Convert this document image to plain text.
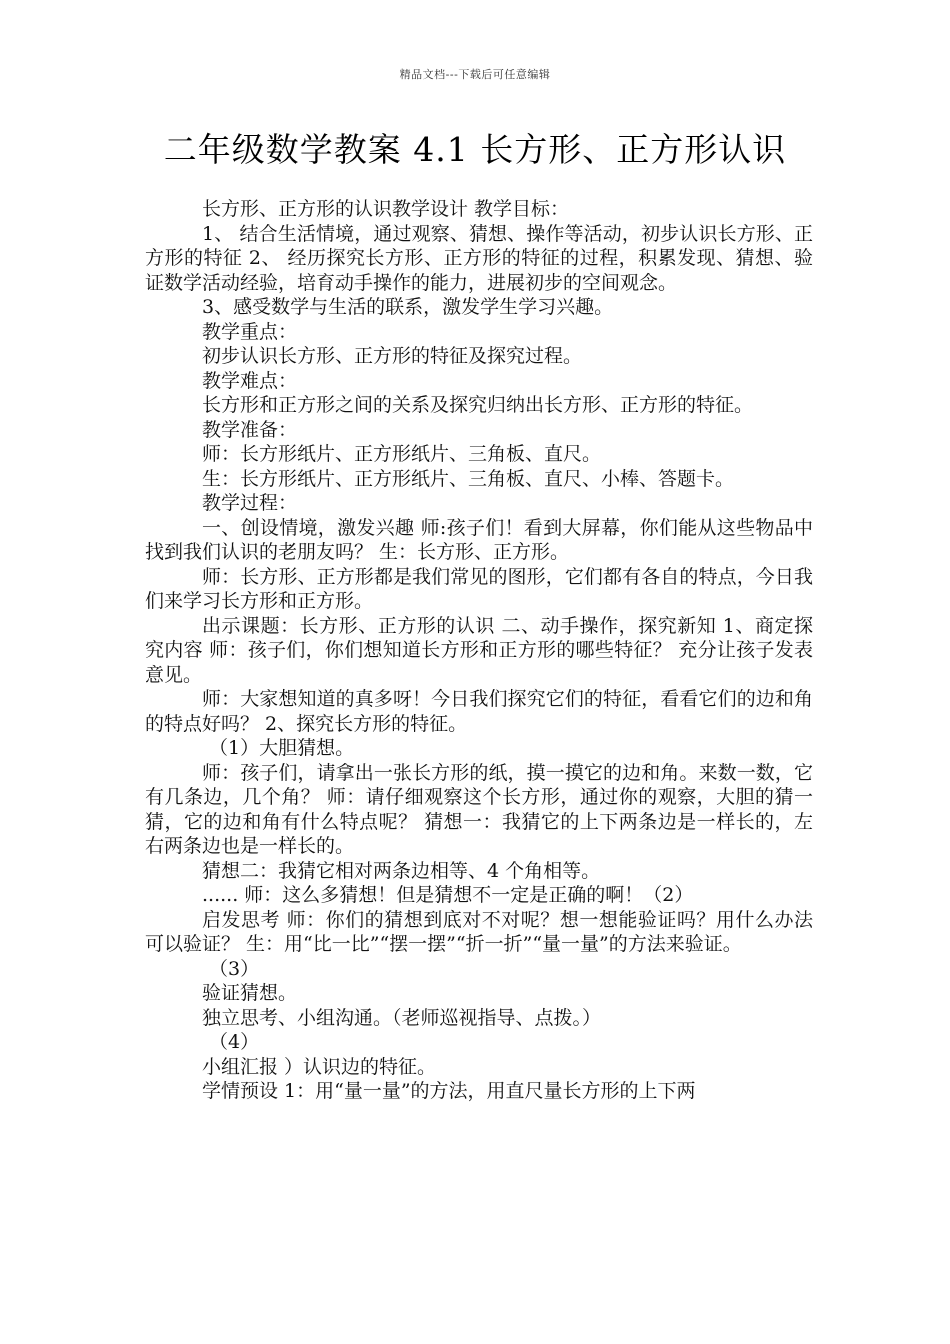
精品文档---下载后可任意编辑
二年级数学教案 4.1 长方形、正方形认识

长方形、正方形的认识教学设计 教学目标：

1、 结合生活情境，通过观察、猜想、操作等活动，初步认识长方形、正方形的特征 2、 经历探究长方形、正方形的特征的过程，积累发现、猜想、验证数学活动经验，培育动手操作的能力，进展初步的空间观念。

3、感受数学与生活的联系，激发学生学习兴趣。

教学重点：

初步认识长方形、正方形的特征及探究过程。

教学难点：

长方形和正方形之间的关系及探究归纳出长方形、正方形的特征。

教学准备：

师：长方形纸片、正方形纸片、三角板、直尺。

生：长方形纸片、正方形纸片、三角板、直尺、小棒、答题卡。

教学过程：

一、创设情境，激发兴趣 师:孩子们！看到大屏幕，你们能从这些物品中找到我们认识的老朋友吗？ 生：长方形、正方形。

师：长方形、正方形都是我们常见的图形，它们都有各自的特点，今日我们来学习长方形和正方形。

出示课题：长方形、正方形的认识 二、动手操作，探究新知 1、商定探究内容 师：孩子们，你们想知道长方形和正方形的哪些特征？ 充分让孩子发表意见。

师：大家想知道的真多呀！今日我们探究它们的特征，看看它们的边和角的特点好吗？ 2、探究长方形的特征。

（1）大胆猜想。

师：孩子们，请拿出一张长方形的纸，摸一摸它的边和角。来数一数，它有几条边，几个角？ 师：请仔细观察这个长方形，通过你的观察，大胆的猜一猜，它的边和角有什么特点呢？ 猜想一：我猜它的上下两条边是一样长的，左右两条边也是一样长的。

猜想二：我猜它相对两条边相等、4 个角相等。

...... 师：这么多猜想！但是猜想不一定是正确的啊！（2）

启发思考 师：你们的猜想到底对不对呢？想一想能验证吗？用什么办法可以验证？ 生：用“比一比”“摆一摆”“折一折”“量一量”的方法来验证。

（3）

验证猜想。

独立思考、小组沟通。（老师巡视指导、点拨。）

（4）

小组汇报 ）认识边的特征。

学情预设 1：用“量一量”的方法，用直尺量长方形的上下两
